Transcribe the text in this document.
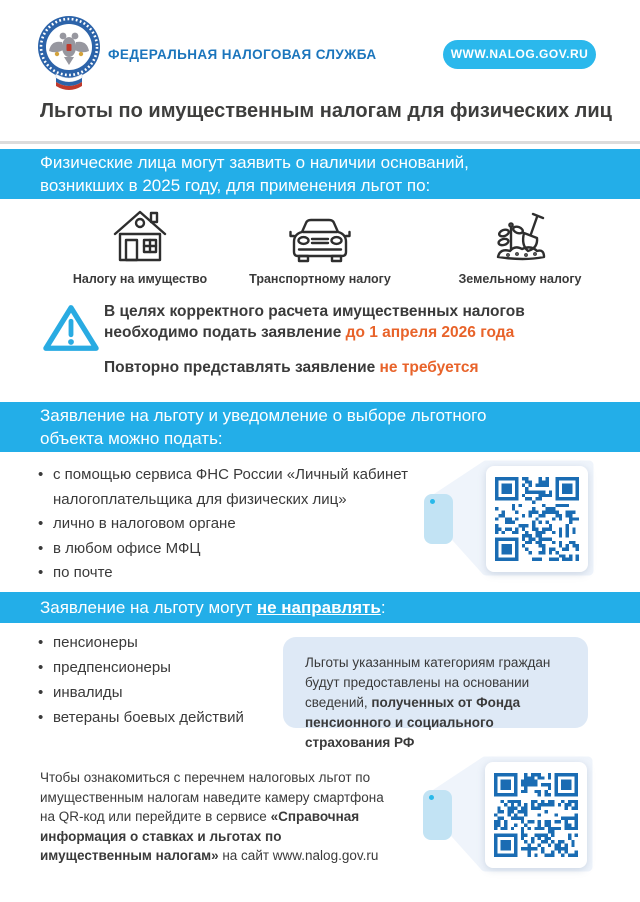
ФЕДЕРАЛЬНАЯ НАЛОГОВАЯ СЛУЖБА	WWW.NALOG.GOV.RU
Льготы по имущественным налогам для физических лиц
Физические лица могут заявить о наличии оснований, возникших в 2025 году, для применения льгот по:
Налогу на имущество	Транспортному налогу	Земельному налогу

В целях корректного расчета имущественных налогов необходимо подать заявление до 1 апреля 2026 года

Повторно представлять заявление не требуется

Заявление на льготу и уведомление о выборе льготного объекта можно подать:
• с помощью сервиса ФНС России «Личный кабинет налогоплательщика для физических лиц»
• лично в налоговом органе
• в любом офисе МФЦ
• по почте
Заявление на льготу могут не направлять:
• пенсионеры
• предпенсионеры
• инвалиды
• ветераны боевых действий
Льготы указанным категориям граждан будут предоставлены на основании сведений, полученных от Фонда пенсионного и социального страхования РФ
Чтобы ознакомиться с перечнем налоговых льгот по имущественным налогам наведите камеру смартфона на QR-код или перейдите в сервисе «Справочная информация о ставках и льготах по имущественным налогам» на сайт www.nalog.gov.ru
